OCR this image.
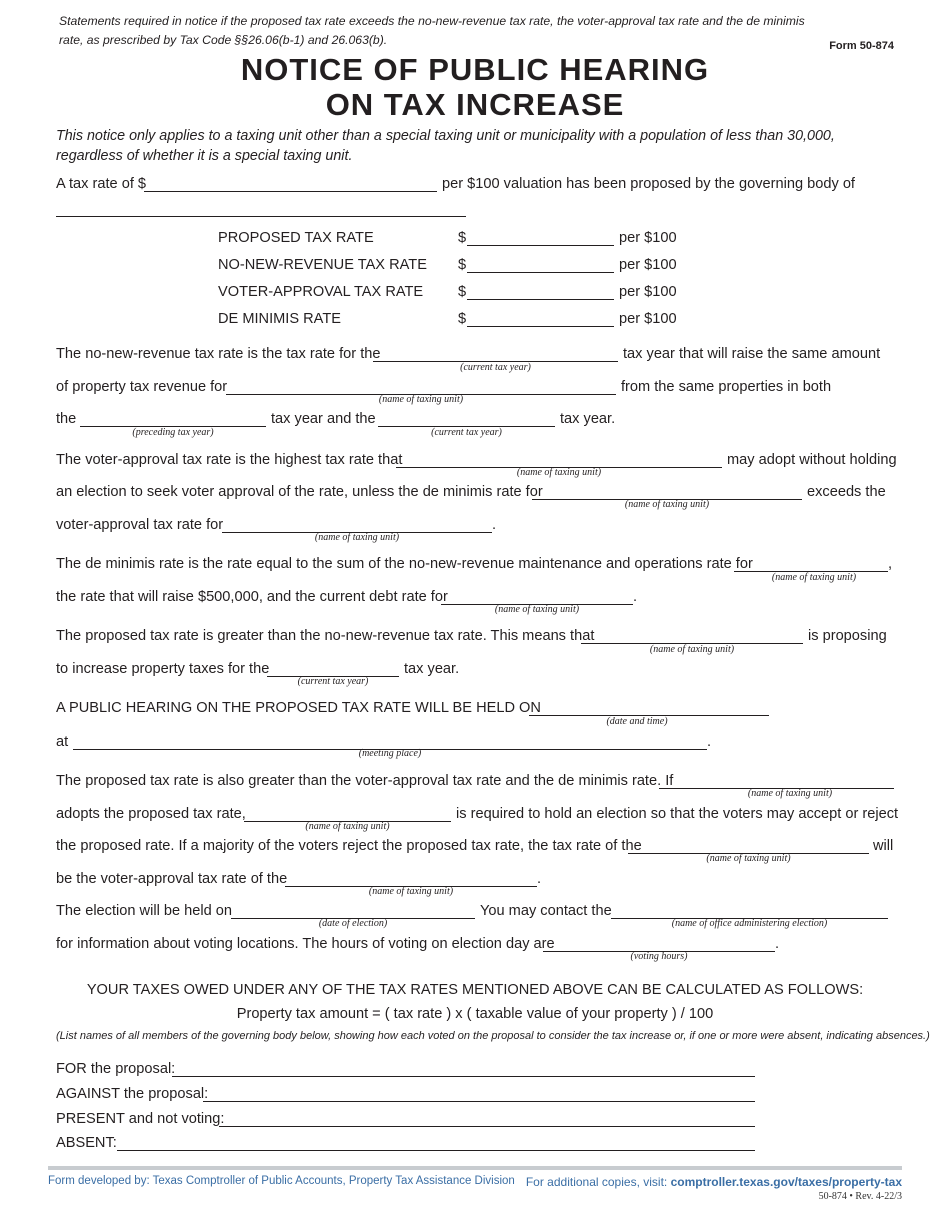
Statements required in notice if the proposed tax rate exceeds the no-new-revenue tax rate, the voter-approval tax rate and the de minimis rate, as prescribed by Tax Code §§26.06(b-1) and 26.063(b).	Form 50-874
NOTICE OF PUBLIC HEARING
ON TAX INCREASE
This notice only applies to a taxing unit other than a special taxing unit or municipality with a population of less than 30,000, regardless of whether it is a special taxing unit.
A tax rate of $	per $100 valuation has been proposed by the governing body of
PROPOSED TAX RATE	$	per $100
NO-NEW-REVENUE TAX RATE $	per $100
VOTER-APPROVAL TAX RATE $	per $100
DE MINIMIS RATE	$	per $100
The no-new-revenue tax rate is the tax rate for the
(current tax year)
tax year that will raise the same amount
of property tax revenue for
(name of taxing unit)
from the same properties in both
the
(preceding tax year)
tax year and the
(current tax year)
tax year.
The voter-approval tax rate is the highest tax rate that
(name of taxing unit)
may adopt without holding
an election to seek voter approval of the rate, unless the de minimis rate for
(name of taxing unit)
exceeds the
voter-approval tax rate for
(name of taxing unit)
.
The de minimis rate is the rate equal to the sum of the no-new-revenue maintenance and operations rate for
(name of taxing unit)
,
the rate that will raise $500,000, and the current debt rate for
(name of taxing unit)
.
The proposed tax rate is greater than the no-new-revenue tax rate. This means that
(name of taxing unit)
is proposing
to increase property taxes for the
(current tax year)
tax year.
A PUBLIC HEARING ON THE PROPOSED TAX RATE WILL BE HELD ON
(date and time)
at
(meeting place)
.
The proposed tax rate is also greater than the voter-approval tax rate and the de minimis rate. If
(name of taxing unit)
adopts the proposed tax rate,
(name of taxing unit)
is required to hold an election so that the voters may accept or reject
the proposed rate. If a majority of the voters reject the proposed tax rate, the tax rate of the
(name of taxing unit)
will
be the voter-approval tax rate of the
(name of taxing unit)
.
The election will be held on
(date of election)
You may contact the
(name of office administering election)
for information about voting locations. The hours of voting on election day are
(voting hours)
.
YOUR TAXES OWED UNDER ANY OF THE TAX RATES MENTIONED ABOVE CAN BE CALCULATED AS FOLLOWS:
Property tax amount = ( tax rate ) x ( taxable value of your property ) / 100
(List names of all members of the governing body below, showing how each voted on the proposal to consider the tax increase or, if one or more were absent, indicating absences.)
FOR the proposal:
AGAINST the proposal:
PRESENT and not voting:
ABSENT:
Form developed by: Texas Comptroller of Public Accounts, Property Tax Assistance Division For additional copies, visit: comptroller.texas.gov/taxes/property-tax
50-874 • Rev. 4-22/3
